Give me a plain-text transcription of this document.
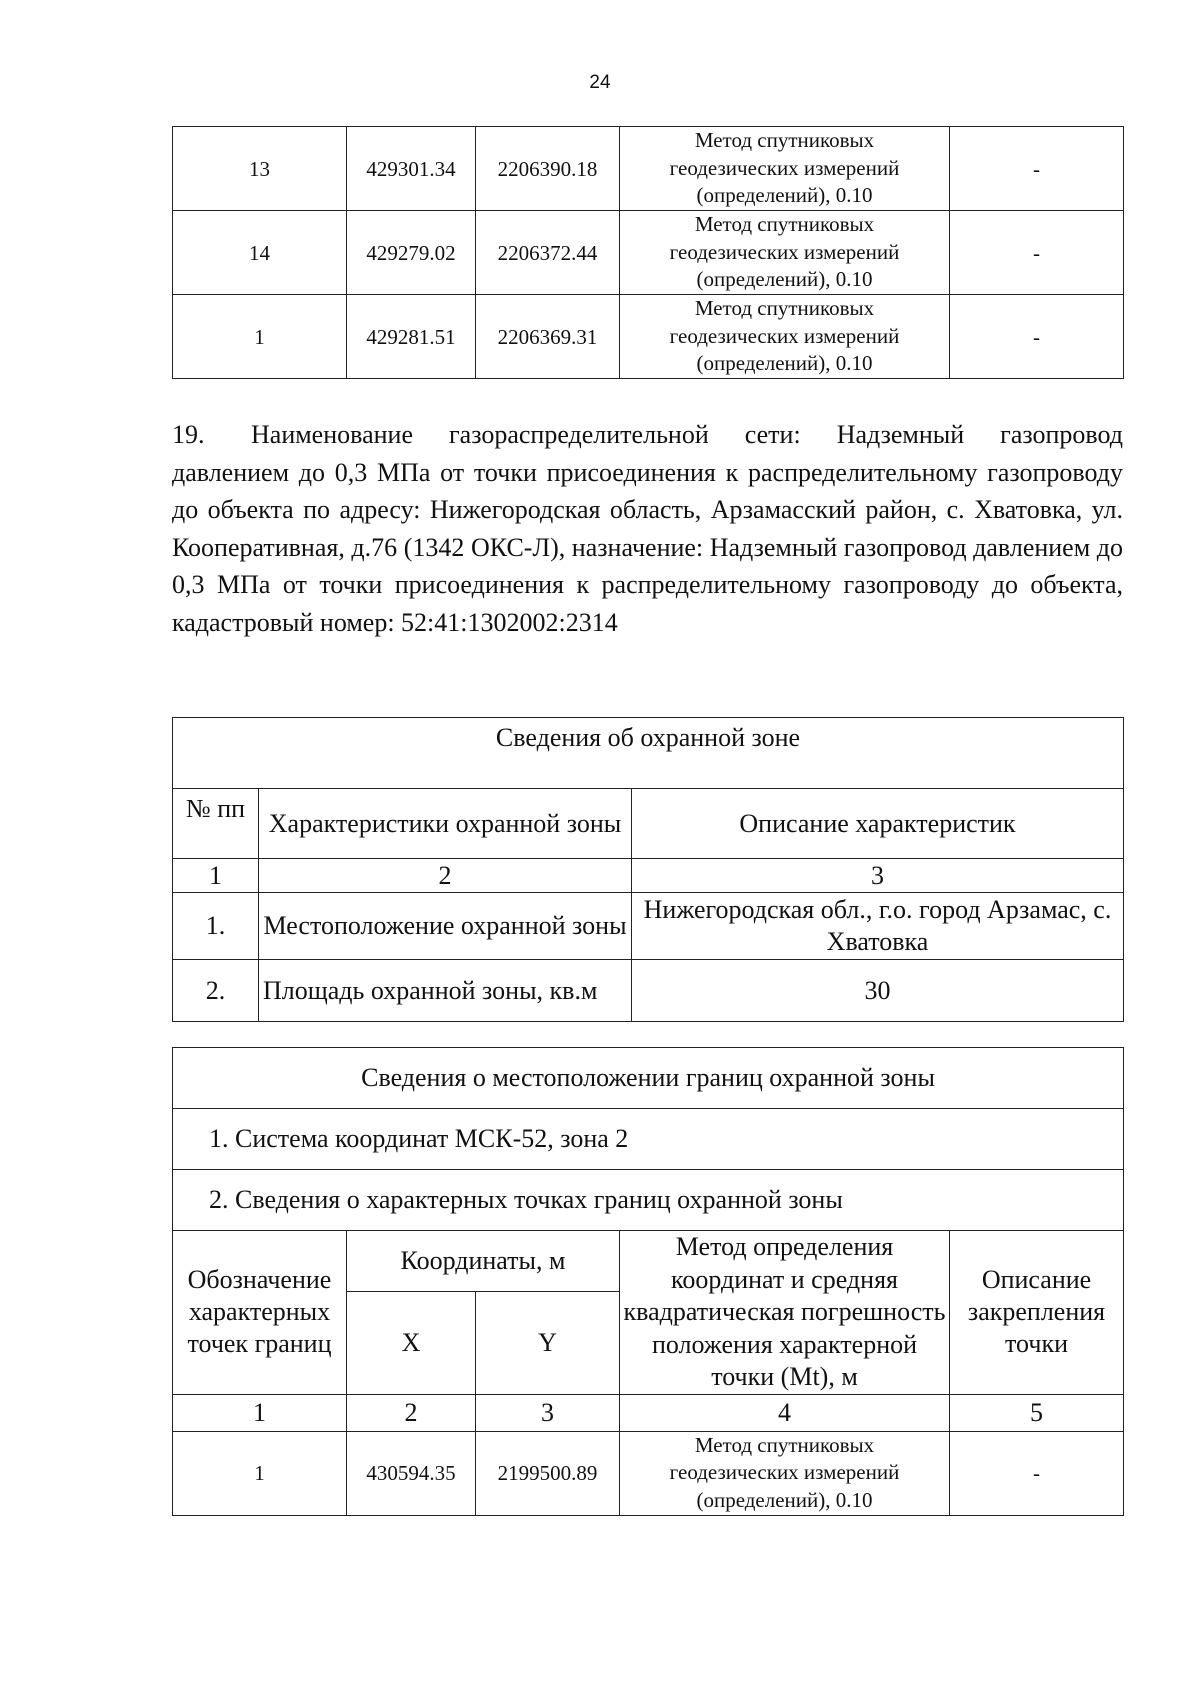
24
13	429301.34	2206390.18	Метод спутниковых
геодезических измерений
(определений), 0.10	-
14	429279.02	2206372.44	Метод спутниковых
геодезических измерений
(определений), 0.10	-
1	429281.51	2206369.31	Метод спутниковых
геодезических измерений
(определений), 0.10	-

19. Наименование газораспределительной сети: Надземный газопровод давлением до 0,3 МПа от точки присоединения к распределительному газопроводу до объекта по адресу: Нижегородская область, Арзамасский район, с. Хватовка, ул. Кооперативная, д.76 (1342 ОКС-Л), назначение: Надземный газопровод давлением до 0,3 МПа от точки присоединения к распределительному газопроводу до объекта, кадастровый номер: 52:41:1302002:2314

Сведения об охранной зоне		
№ пп	Характеристики охранной зоны	Описание характеристик
1	2	3
1.	Местоположение охранной зоны	Нижегородская обл., г.о. город Арзамас, с. Хватовка
2.	Площадь охранной зоны, кв.м	30
Сведения о местоположении границ охранной зоны				
1. Система координат МСК-52, зона 2				
2. Сведения о характерных точках границ охранной зоны				
Обозначение характерных точек границ	Координаты, м		Метод определения координат и средняя квадратическая погрешность положения характерной точки (Mt), м	Описание закрепления точки
	X	Y		
1	2	3	4	5
1	430594.35	2199500.89	Метод спутниковых
геодезических измерений
(определений), 0.10	-
